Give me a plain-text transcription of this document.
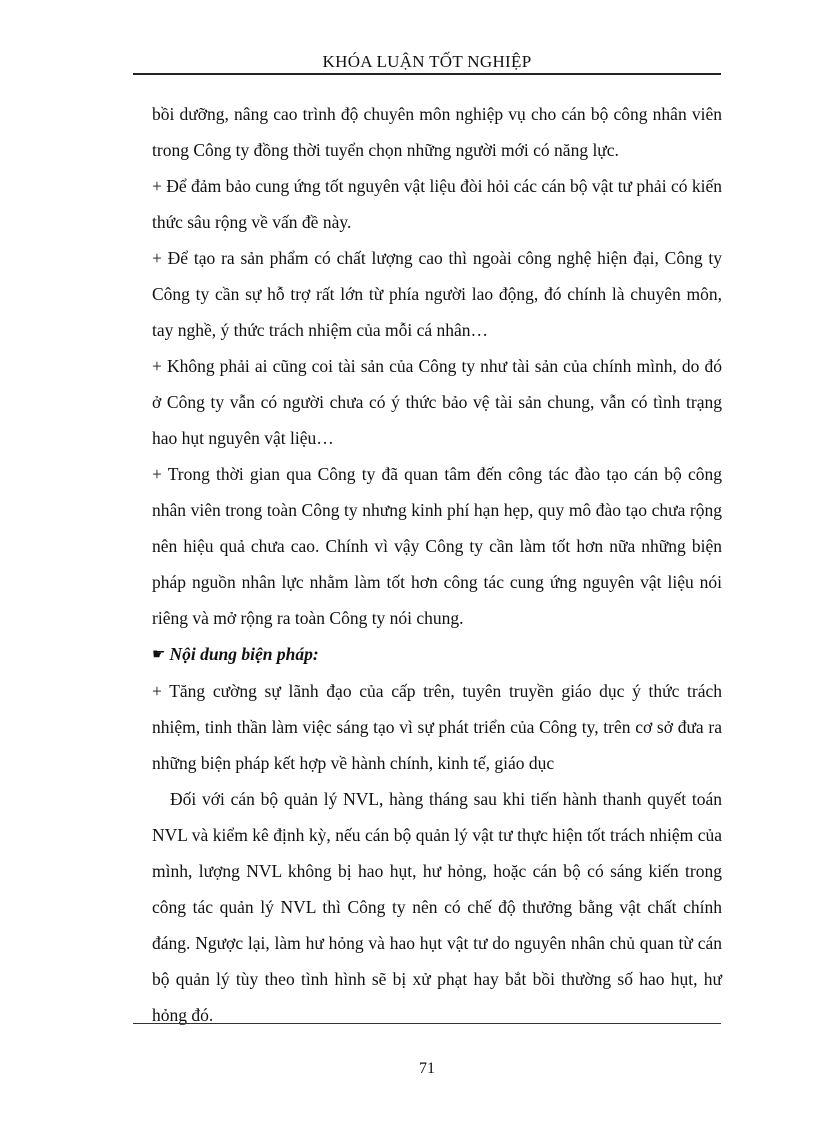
KHÓA LUẬN TỐT NGHIỆP

bồi dưỡng, nâng cao trình độ chuyên môn nghiệp vụ cho cán bộ công nhân viên trong Công ty đồng thời tuyển chọn những người mới có năng lực.

+ Để đảm bảo cung ứng tốt nguyên vật liệu đòi hỏi các cán bộ vật tư phải có kiến thức sâu rộng về vấn đề này.

+ Để tạo ra sản phẩm có chất lượng cao thì ngoài công nghệ hiện đại, Công ty Công ty cần sự hỗ trợ rất lớn từ phía người lao động, đó chính là chuyên môn, tay nghề, ý thức trách nhiệm của mỗi cá nhân…

+ Không phải ai cũng coi tài sản của Công ty như tài sản của chính mình, do đó ở Công ty vẫn có người chưa có ý thức bảo vệ tài sản chung, vẫn có tình trạng hao hụt nguyên vật liệu…

+ Trong thời gian qua Công ty đã quan tâm đến công tác đào tạo cán bộ công nhân viên trong toàn Công ty nhưng kinh phí hạn hẹp, quy mô đào tạo chưa rộng nên hiệu quả chưa cao. Chính vì vậy Công ty cần làm tốt hơn nữa những biện pháp nguồn nhân lực nhằm làm tốt hơn công tác cung ứng nguyên vật liệu nói riêng và mở rộng ra toàn Công ty nói chung.

☛ Nội dung biện pháp:

+ Tăng cường sự lãnh đạo của cấp trên, tuyên truyền giáo dục ý thức trách nhiệm, tinh thần làm việc sáng tạo vì sự phát triển của Công ty, trên cơ sở đưa ra những biện pháp kết hợp về hành chính, kinh tế, giáo dục

Đối với cán bộ quản lý NVL, hàng tháng sau khi tiến hành thanh quyết toán NVL và kiểm kê định kỳ, nếu cán bộ quản lý vật tư thực hiện tốt trách nhiệm của mình, lượng NVL không bị hao hụt, hư hỏng, hoặc cán bộ có sáng kiến trong công tác quản lý NVL thì Công ty nên có chế độ thưởng bằng vật chất chính đáng. Ngược lại, làm hư hỏng và hao hụt vật tư do nguyên nhân chủ quan từ cán bộ quản lý tùy theo tình hình sẽ bị xử phạt hay bắt bồi thường số hao hụt, hư hỏng đó.

71
